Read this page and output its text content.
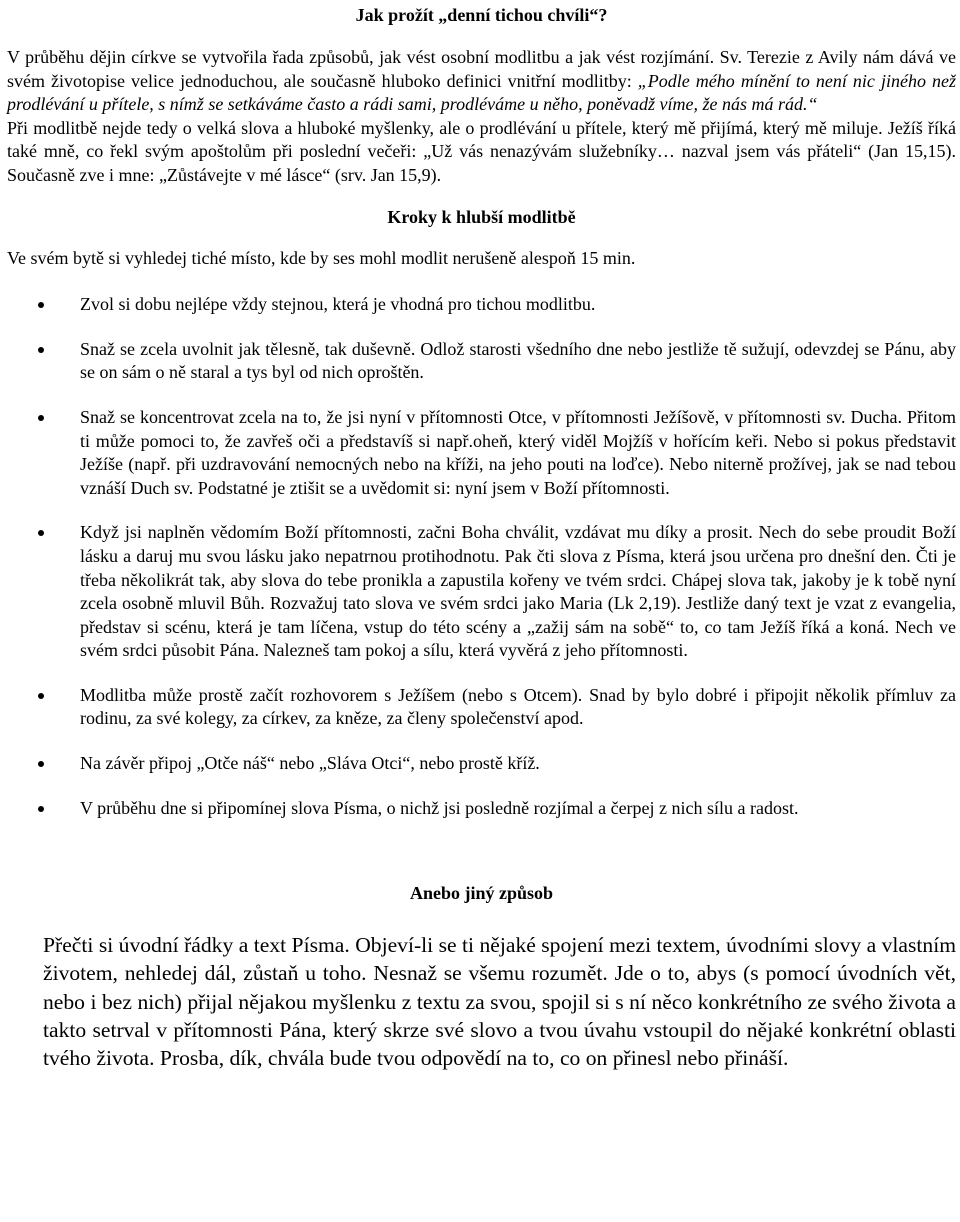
Jak prožít „denní tichou chvíli“?

V průběhu dějin církve se vytvořila řada způsobů, jak vést osobní modlitbu a jak vést rozjímání. Sv. Terezie z Avily nám dává ve svém životopise velice jednoduchou, ale současně hluboko definici vnitřní modlitby: „Podle mého mínění to není nic jiného než prodlévání u přítele, s nímž se setkáváme často a rádi sami, prodléváme u něho, poněvadž víme, že nás má rád.“

Při modlitbě nejde tedy o velká slova a hluboké myšlenky, ale o prodlévání u přítele, který mě přijímá, který mě miluje. Ježíš říká také mně, co řekl svým apoštolům při poslední večeři: „Už vás nenazývám služebníky… nazval jsem vás přáteli“ (Jan 15,15). Současně zve i mne: „Zůstávejte v mé lásce“ (srv. Jan 15,9).

Kroky k hlubší modlitbě

Ve svém bytě si vyhledej tiché místo, kde by ses mohl modlit nerušeně alespoň 15 min.

Zvol si dobu nejlépe vždy stejnou, která je vhodná pro tichou modlitbu.
Snaž se zcela uvolnit jak tělesně, tak duševně. Odlož starosti všedního dne nebo jestliže tě sužují, odevzdej se Pánu, aby se on sám o ně staral a tys byl od nich oproštěn.
Snaž se koncentrovat zcela na to, že jsi nyní v přítomnosti Otce, v přítomnosti Ježíšově, v přítomnosti sv. Ducha. Přitom ti může pomoci to, že zavřeš oči a představíš si např.oheň, který viděl Mojžíš v hořícím keři. Nebo si pokus představit Ježíše (např. při uzdravování nemocných nebo na kříži, na jeho pouti na loďce). Nebo niterně prožívej, jak se nad tebou vznáší Duch sv. Podstatné je ztišit se a uvědomit si: nyní jsem v Boží přítomnosti.
Když jsi naplněn vědomím Boží přítomnosti, začni Boha chválit, vzdávat mu díky a prosit. Nech do sebe proudit Boží lásku a daruj mu svou lásku jako nepatrnou protihodnotu. Pak čti slova z Písma, která jsou určena pro dnešní den. Čti je třeba několikrát tak, aby slova do tebe pronikla a zapustila kořeny ve tvém srdci. Chápej slova tak, jakoby je k tobě nyní zcela osobně mluvil Bůh. Rozvažuj tato slova ve svém srdci jako Maria (Lk 2,19). Jestliže daný text je vzat z evangelia, představ si scénu, která je tam líčena, vstup do této scény a „zažij sám na sobě“ to, co tam Ježíš říká a koná. Nech ve svém srdci působit Pána. Nalezneš tam pokoj a sílu, která vyvěrá z jeho přítomnosti.
Modlitba může prostě začít rozhovorem s Ježíšem (nebo s Otcem). Snad by bylo dobré i připojit několik přímluv za rodinu, za své kolegy, za církev, za kněze, za členy společenství apod.
Na závěr připoj „Otče náš“ nebo „Sláva Otci“, nebo prostě kříž.
V průběhu dne si připomínej slova Písma, o nichž jsi posledně rozjímal a čerpej z nich sílu a radost.
Anebo jiný způsob

Přečti si úvodní řádky a text Písma. Objeví-li se ti nějaké spojení mezi textem, úvodními slovy a vlastním životem, nehledej dál, zůstaň u toho. Nesnaž se všemu rozumět. Jde o to, abys (s pomocí úvodních vět, nebo i bez nich) přijal nějakou myšlenku z textu za svou, spojil si s ní něco konkrétního ze svého života a takto setrval v přítomnosti Pána, který skrze své slovo a tvou úvahu vstoupil do nějaké konkrétní oblasti tvého života. Prosba, dík, chvála bude tvou odpovědí na to, co on přinesl nebo přináší.
